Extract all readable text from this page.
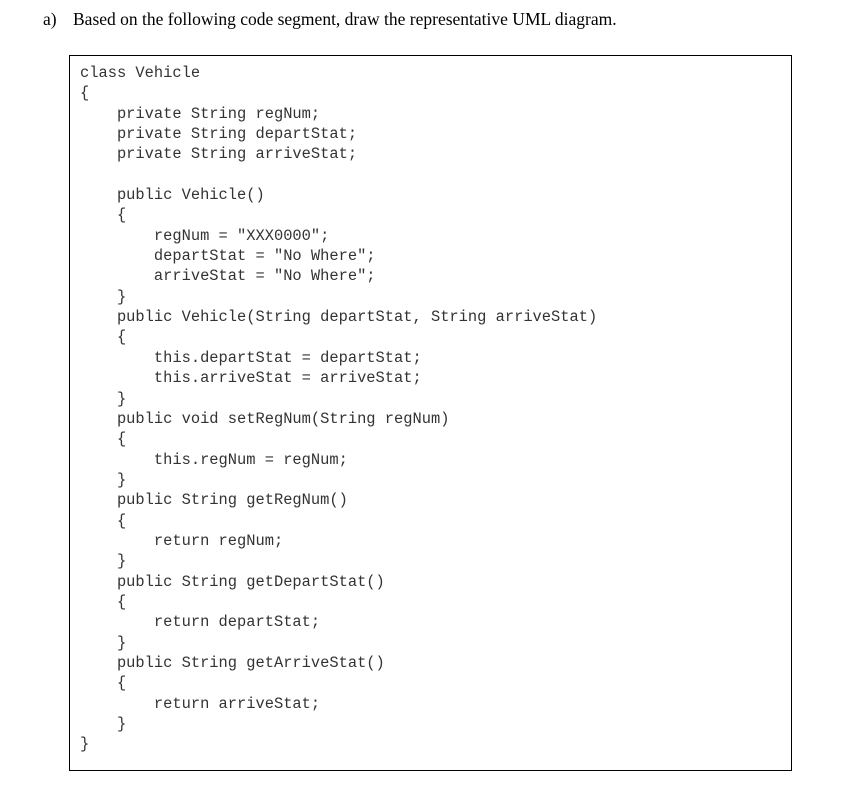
a) Based on the following code segment, draw the representative UML diagram.
class Vehicle
{
private String regNum;
private String departStat;
private String arriveStat;
public Vehicle()
{
regNum = "XXX0000";
departStat = "No Where";
arriveStat = "No Where";
}
public Vehicle(String departStat, String arriveStat)
{
this.departStat = departStat;
this.arriveStat = arriveStat;
}
public void setRegNum(String regNum)
{
this.regNum = regNum;
}
public String getRegNum()
{
return regNum;
}
public String getDepartStat()
{
return departStat;
}
public String getArriveStat()
{
return arriveStat;
}
}
